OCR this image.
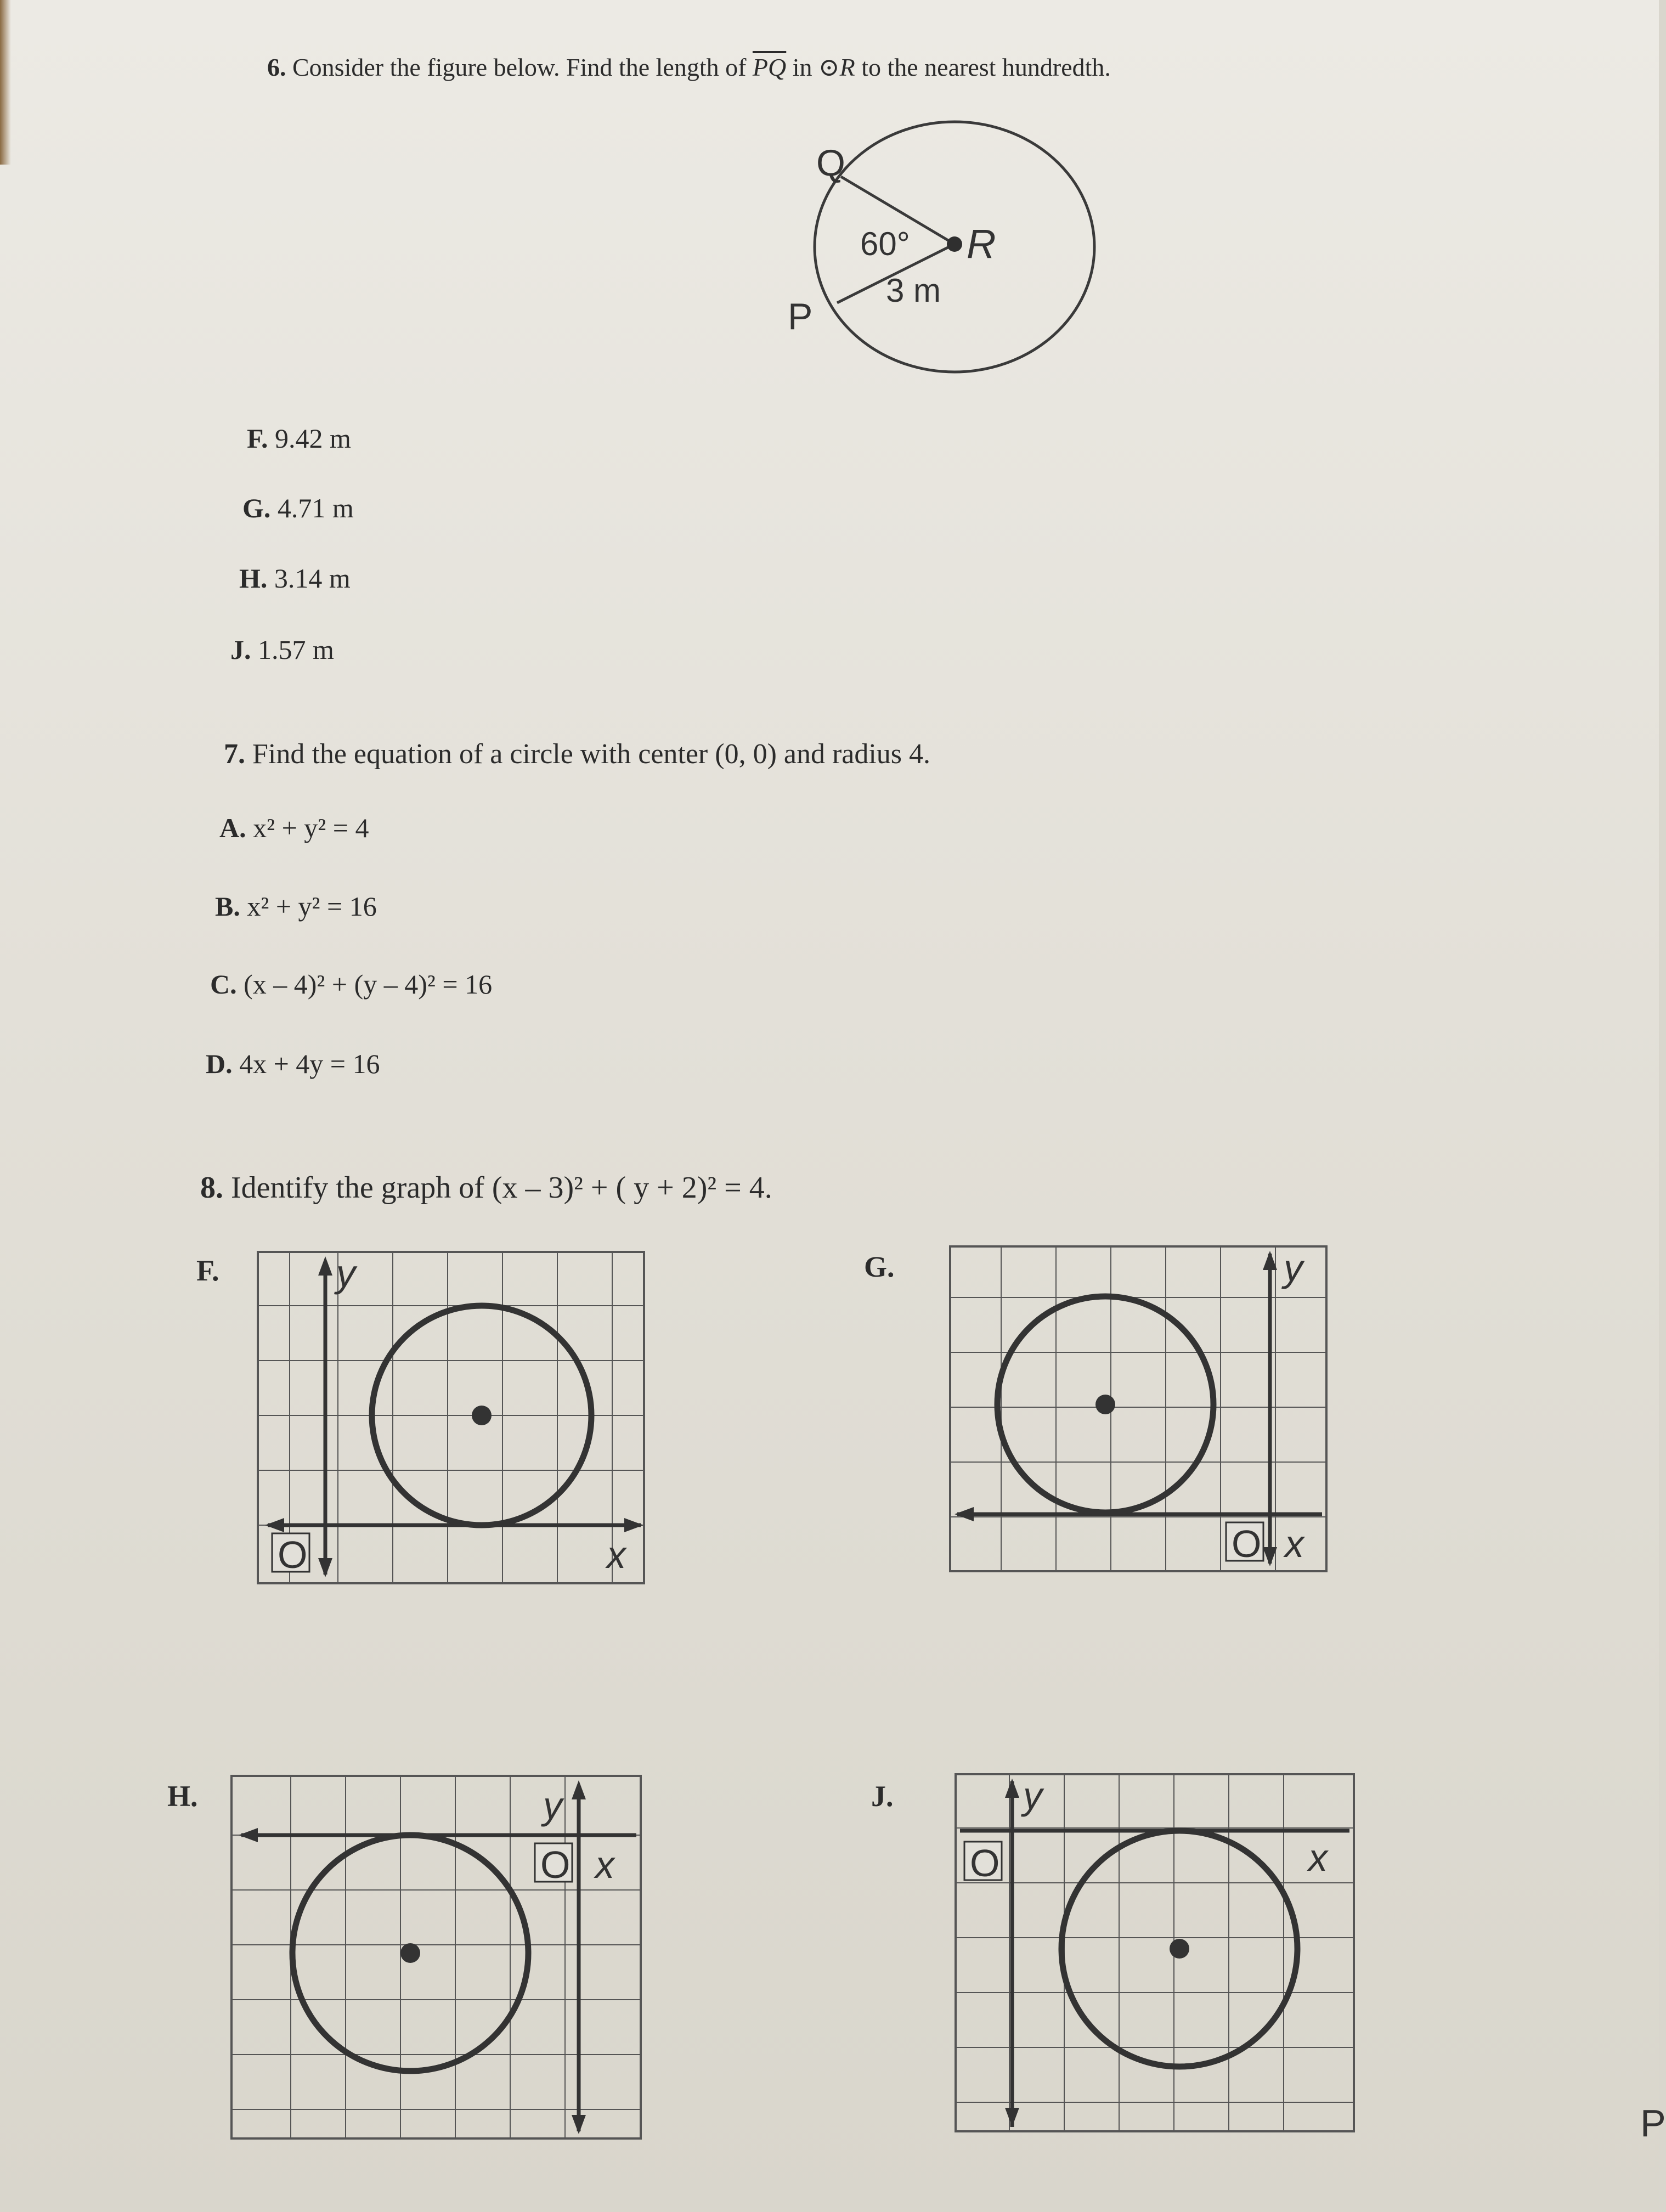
6. Consider the figure below. Find the length of $\overline{PQ}$ in ⊙R to the nearest hundredth.
Q
P
R
60°
3 m
F. 9.42 m
G. 4.71 m
H. 3.14 m
J. 1.57 m
7. Find the equation of a circle with center (0, 0) and radius 4.
A. x² + y² = 4
B. x² + y² = 16
C. (x – 4)² + (y – 4)² = 16
D. 4x + 4y = 16
8. Identify the graph of (x – 3)² + ( y + 2)² = 4.
F.	G.
H.	J.
O
y
x	O
y
x
O
y
x	O
y
x
P
